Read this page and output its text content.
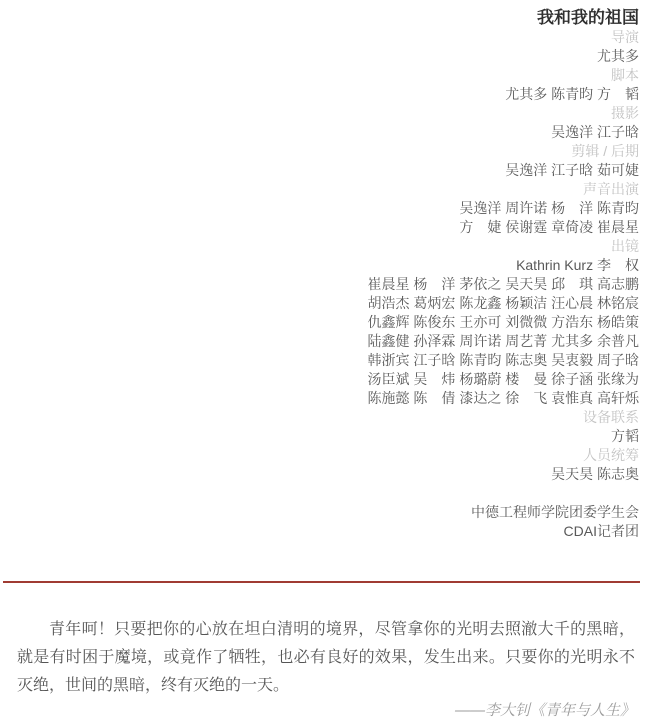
我和我的祖国
导演
尤其多
脚本
尤其多 陈青昀 方　韬
摄影
吴逸洋 江子晗
剪辑 / 后期
吴逸洋 江子晗 茹可婕
声音出演
吴逸洋 周许诺 杨　洋 陈青昀
方　婕 侯谢霆 章倚凌 崔晨星
出镜
Kathrin Kurz 李　权
崔晨星 杨　洋 茅依之 吴天昊 邱　琪 高志鹏
胡浩杰 葛炳宏 陈龙鑫 杨颖洁 汪心晨 林铭宸
仇鑫辉 陈俊东 王亦可 刘微微 方浩东 杨皓策
陆鑫健 孙泽霖 周许诺 周艺菁 尤其多 余普凡
韩浙宾 江子晗 陈青昀 陈志奥 吴衷毅 周子晗
汤臣斌 吴　炜 杨璐蔚 楼　曼 徐子涵 张缘为
陈施懿 陈　倩 漆达之 徐　飞 袁惟真 高轩烁
设备联系
方韬
人员统筹
吴天昊 陈志奥
中德工程师学院团委学生会
CDAI记者团

青年呵！只要把你的心放在坦白清明的境界，尽管拿你的光明去照澈大千的黑暗，就是有时困于魔境，或竟作了牺牲，也必有良好的效果，发生出来。只要你的光明永不灭绝，世间的黑暗，终有灭绝的一天。

——李大钊《青年与人生》
